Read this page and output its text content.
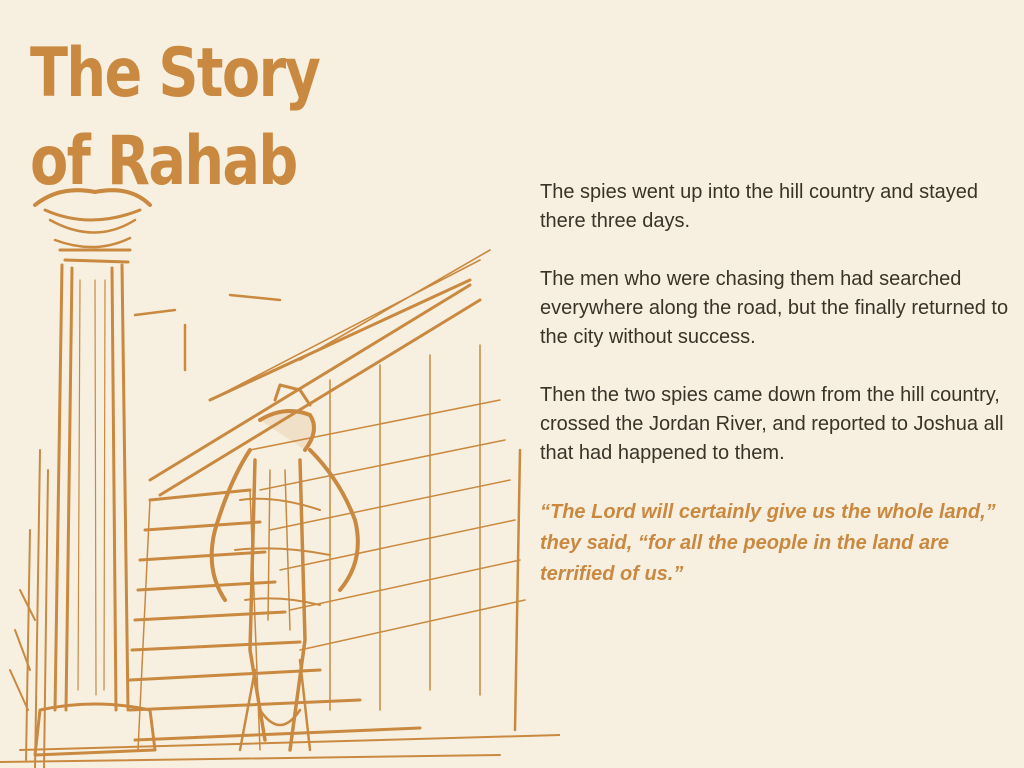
The Story of Rahab	The spies went up into the hill country and stayed there three days.

The men who were chasing them had searched everywhere along the road, but the finally returned to the city without success.

Then the two spies came down from the hill country, crossed the Jordan River, and reported to Joshua all that had happened to them.

“The Lord will certainly give us the whole land,” they said, “for all the people in the land are terrified of us.”
